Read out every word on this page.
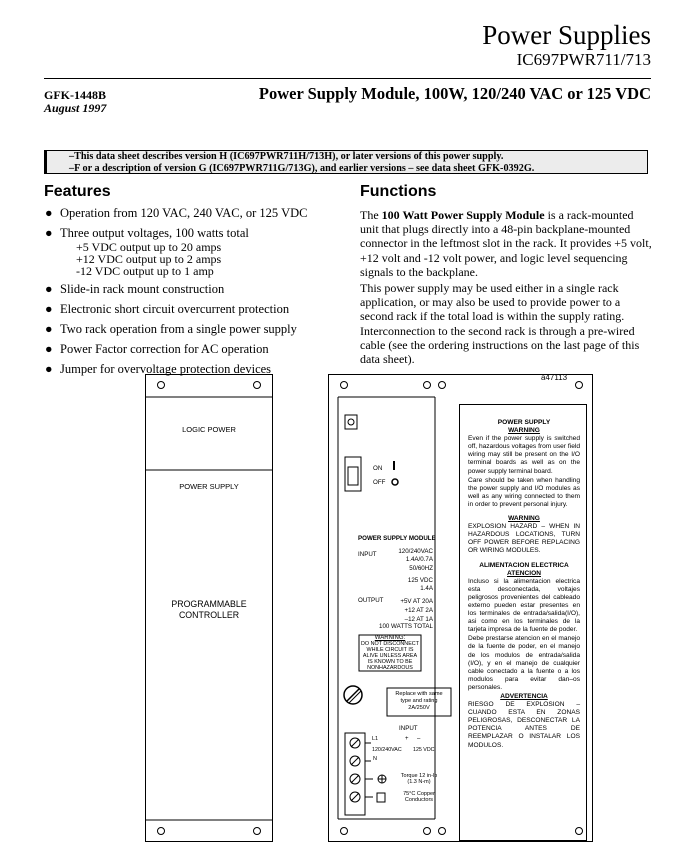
Power Supplies
IC697PWR711/713
GFK-1448B
August 1997
Power Supply Module, 100W, 120/240 VAC or 125 VDC
–This data sheet describes version H (IC697PWR711H/713H), or later versions of this power supply.
–F or a description of version G (IC697PWR711G/713G), and earlier versions – see data sheet GFK-0392G.
Features
● Operation from 120 VAC, 240 VAC, or 125 VDC
● Three output voltages, 100 watts total
+5 VDC output up to 20 amps
+12 VDC output up to 2 amps
-12 VDC output up to 1 amp
● Slide-in rack mount construction
● Electronic short circuit overcurrent protection
● Two rack operation from a single power supply
● Power Factor correction for AC operation
● Jumper for overvoltage protection devices
Functions

The 100 Watt Power Supply Module is a rack-mounted unit that plugs directly into a 48-pin backplane-mounted connector in the leftmost slot in the rack. It provides +5 volt, +12 volt and -12 volt power, and logic level sequencing signals to the backplane.

This power supply may be used either in a single rack application, or may also be used to provide power to a second rack if the total load is within the supply rating. Interconnection to the second rack is through a pre-wired cable (see the ordering instructions on the last page of this data sheet).

a47113
LOGIC POWER
POWER SUPPLY
PROGRAMMABLE
CONTROLLER
ON
OFF
POWER SUPPLY MODULE
INPUT	120/240VAC
1.4A/0.7A
50/60HZ
125 VDC
1.4A
OUTPUT	+5V AT 20A
+12 AT 2A
–12 AT 1A
100 WATTS TOTAL
WARNING:
DO NOT DISCONNECT
WHILE CIRCUIT IS
ALIVE UNLESS AREA
IS KNOWN TO BE
NONHAZARDOUS
Replace with same
type and rating
2A/250V
INPUT
L1
N
120/240VAC 125 VDC
+ –
Torque 12 in-lb
(1.3 N-m)
75°C Copper
Conductors
POWER SUPPLY
WARNING

Even if the power supply is switched off, hazardous voltages from user field wiring may still be present on the I/O terminal boards as well as on the power supply terminal board.

Care should be taken when handling the power supply and I/O modules as well as any wiring connected to them in order to prevent personal injury.

WARNING

EXPLOSION HAZARD – WHEN IN HAZARDOUS LOCATIONS, TURN OFF POWER BEFORE REPLACING OR WIRING MODULES.

ALIMENTACION ELECTRICA
ATENCION

Incluso si la alimentacion electrica esta desconectada, voltajes peligrosos provenientes del cableado externo pueden estar presentes en los terminales de entrada/salida(I/O), asi como en los terminales de la tarjeta impresa de la fuente de poder.

Debe prestarse atencion en el manejo de la fuente de poder, en el manejo de los modulos de entrada/salida (I/O), y en el manejo de cualquier cable conectado a la fuente o a los modulos para evitar dan–os personales.

ADVERTENCIA

RIESGO DE EXPLOSION – CUANDO ESTA EN ZONAS PELIGROSAS, DESCONECTAR LA POTENCIA ANTES DE REEMPLAZAR O INSTALAR LOS MODULOS.
